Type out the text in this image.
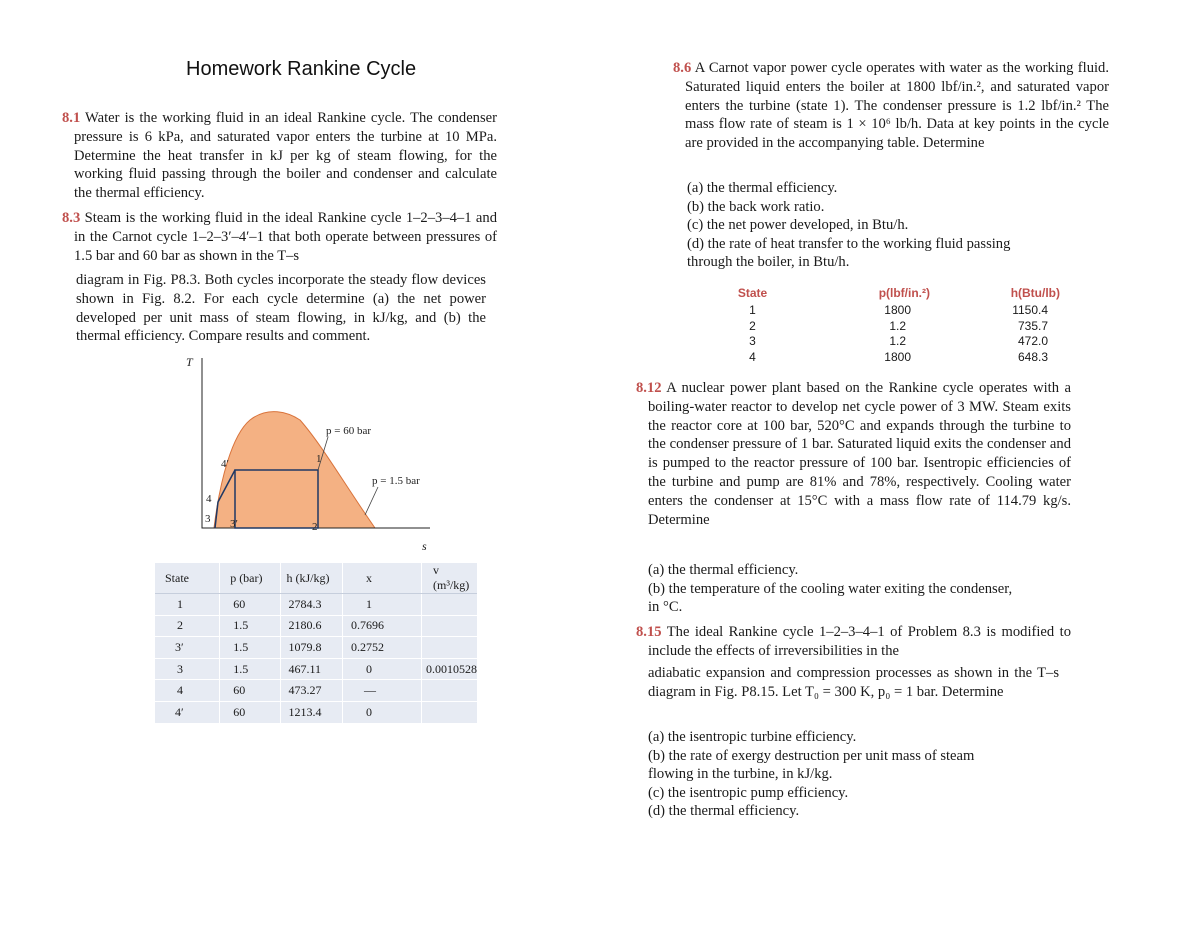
Homework Rankine Cycle
8.1 Water is the working fluid in an ideal Rankine cycle. The condenser pressure is 6 kPa, and saturated vapor enters the turbine at 10 MPa. Determine the heat transfer in kJ per kg of steam flowing, for the working fluid passing through the boiler and condenser and calculate the thermal efficiency.
8.3 Steam is the working fluid in the ideal Rankine cycle 1–2–3–4–1 and in the Carnot cycle 1–2–3′–4′–1 that both operate between pressures of 1.5 bar and 60 bar as shown in the T–s
diagram in Fig. P8.3. Both cycles incorporate the steady flow devices shown in Fig. 8.2. For each cycle determine (a) the net power developed per unit mass of steam flowing, in kJ/kg, and (b) the thermal efficiency. Compare results and comment.
T
s
p = 60 bar
p = 1.5 bar
1
2
4′
4
3 3′
State	p (bar)	h (kJ/kg)	x	v (m³/kg)
1	60	2784.3	1	
2	1.5	2180.6	0.7696	
3′	1.5	1079.8	0.2752	
3	1.5	467.11	0	0.0010528
4	60	473.27	—	
4′	60	1213.4	0	
8.6 A Carnot vapor power cycle operates with water as the working fluid. Saturated liquid enters the boiler at 1800 lbf/in.², and saturated vapor enters the turbine (state 1). The condenser pressure is 1.2 lbf/in.² The mass flow rate of steam is 1 × 10⁶ lb/h. Data at key points in the cycle are provided in the accompanying table. Determine
(a) the thermal efficiency.
(b) the back work ratio.
(c) the net power developed, in Btu/h.
(d) the rate of heat transfer to the working fluid passing
through the boiler, in Btu/h.
State	p(lbf/in.²)	h(Btu/lb)
1	1800	1150.4
2	1.2	735.7
3	1.2	472.0
4	1800	648.3
8.12 A nuclear power plant based on the Rankine cycle operates with a boiling-water reactor to develop net cycle power of 3 MW. Steam exits the reactor core at 100 bar, 520°C and expands through the turbine to the condenser pressure of 1 bar. Saturated liquid exits the condenser and is pumped to the reactor pressure of 100 bar. Isentropic efficiencies of the turbine and pump are 81% and 78%, respectively. Cooling water enters the condenser at 15°C with a mass flow rate of 114.79 kg/s. Determine
(a) the thermal efficiency.
(b) the temperature of the cooling water exiting the condenser,
in °C.
8.15 The ideal Rankine cycle 1–2–3–4–1 of Problem 8.3 is modified to include the effects of irreversibilities in the
adiabatic expansion and compression processes as shown in the T–s diagram in Fig. P8.15. Let T₀ = 300 K, p₀ = 1 bar. Determine
(a) the isentropic turbine efficiency.
(b) the rate of exergy destruction per unit mass of steam
flowing in the turbine, in kJ/kg.
(c) the isentropic pump efficiency.
(d) the thermal efficiency.
